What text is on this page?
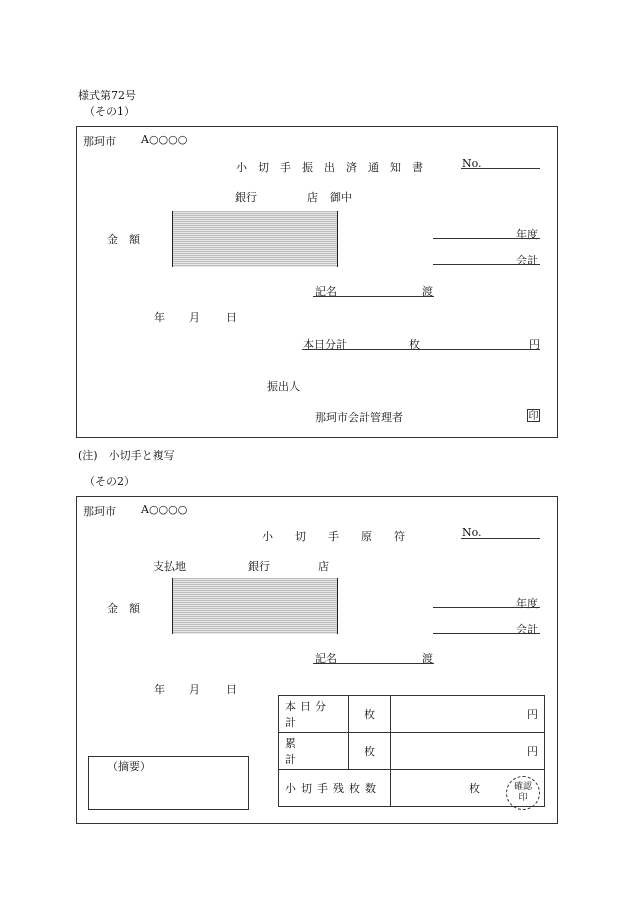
様式第72号
（その1）
那珂市 A○○○○
小　切　手　振　出　済　通　知　書	No.
銀行	店 御中
金　額	年度
会計
記名	渡
年 月 日
本日分計	枚	円
振出人
那珂市会計管理者	印
(注)　小切手と複写
（その2）
那珂市 A○○○○
小　　切　　手　　原　　符	No.
支払地	銀行	店
金　額	年度
会計
記名	渡
年 月 日
（摘要）
本日分計	枚	円
累　　計	枚	円
小切手残枚数		枚	確認
印
